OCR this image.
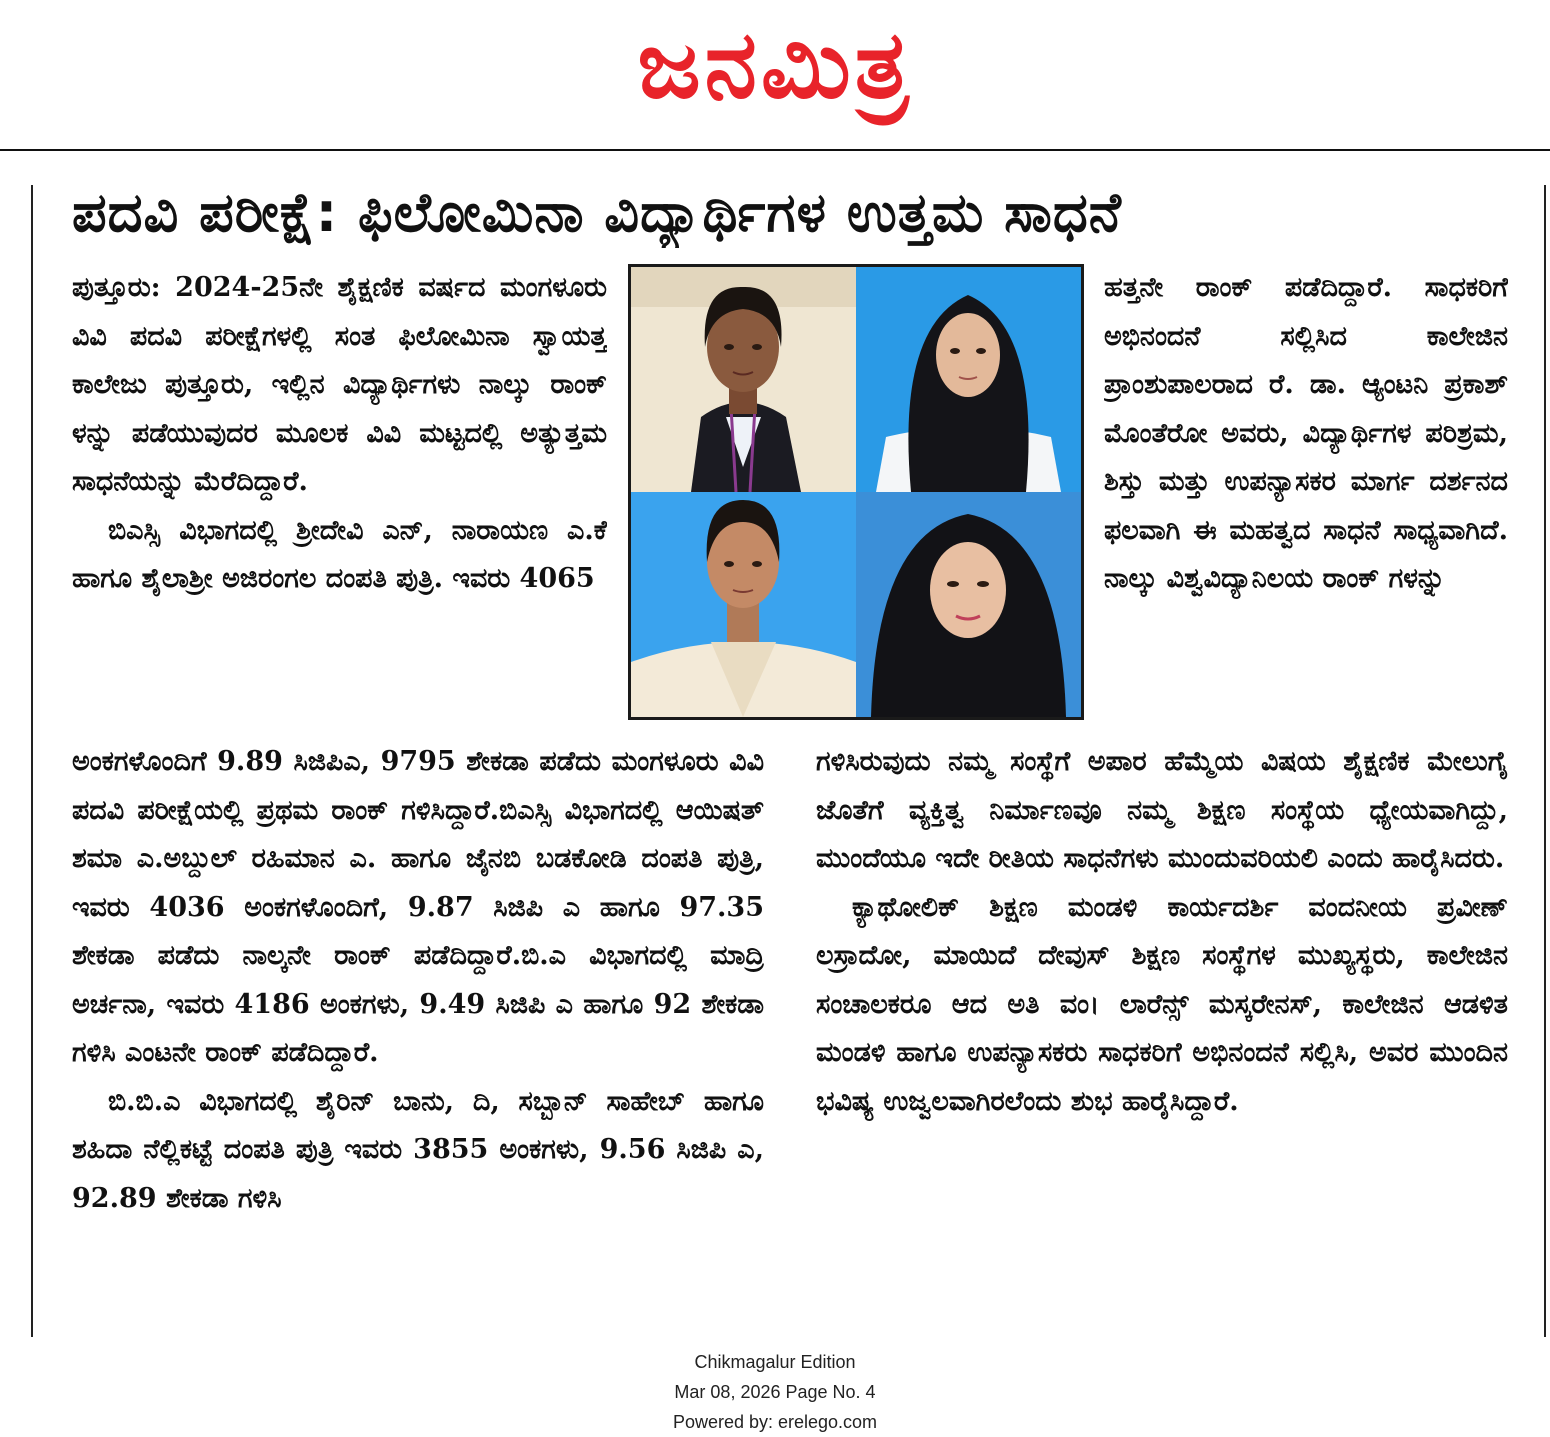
ಜನಮಿತ್ರ
ಪದವಿ ಪರೀಕ್ಷೆ: ಫಿಲೋಮಿನಾ ವಿದ್ಯಾರ್ಥಿಗಳ ಉತ್ತಮ ಸಾಧನೆ

ಪುತ್ತೂರು: 2024-25ನೇ ಶೈಕ್ಷಣಿಕ ವರ್ಷದ ಮಂಗಳೂರು ವಿವಿ ಪದವಿ ಪರೀಕ್ಷೆಗಳಲ್ಲಿ ಸಂತ ಫಿಲೋಮಿನಾ ಸ್ವಾಯತ್ತ ಕಾಲೇಜು ಪುತ್ತೂರು, ಇಲ್ಲಿನ ವಿದ್ಯಾರ್ಥಿಗಳು ನಾಲ್ಕು ರಾಂಕ್ ಳನ್ನು ಪಡೆಯುವುದರ ಮೂಲಕ ವಿವಿ ಮಟ್ಟದಲ್ಲಿ ಅತ್ಯುತ್ತಮ ಸಾಧನೆಯನ್ನು ಮೆರೆದಿದ್ದಾರೆ.

ಬಿಎಸ್ಸಿ ವಿಭಾಗದಲ್ಲಿ ಶ್ರೀದೇವಿ ಎನ್, ನಾರಾಯಣ ಎ.ಕೆ ಹಾಗೂ ಶೈಲಾಶ್ರೀ ಅಜಿರಂಗಲ ದಂಪತಿ ಪುತ್ರಿ. ಇವರು 4065

ಹತ್ತನೇ ರಾಂಕ್ ಪಡೆದಿದ್ದಾರೆ. ಸಾಧಕರಿಗೆ ಅಭಿನಂದನೆ ಸಲ್ಲಿಸಿದ ಕಾಲೇಜಿನ ಪ್ರಾಂಶುಪಾಲರಾದ ರೆ. ಡಾ. ಆ್ಯಂಟನಿ ಪ್ರಕಾಶ್ ಮೊಂತೆರೋ ಅವರು, ವಿದ್ಯಾರ್ಥಿಗಳ ಪರಿಶ್ರಮ, ಶಿಸ್ತು ಮತ್ತು ಉಪನ್ಯಾಸಕರ ಮಾರ್ಗ ದರ್ಶನದ ಫಲವಾಗಿ ಈ ಮಹತ್ವದ ಸಾಧನೆ ಸಾಧ್ಯವಾಗಿದೆ. ನಾಲ್ಕು ವಿಶ್ವವಿದ್ಯಾನಿಲಯ ರಾಂಕ್ ಗಳನ್ನು

ಅಂಕಗಳೊಂದಿಗೆ 9.89 ಸಿಜಿಪಿಎ, 9795 ಶೇಕಡಾ ಪಡೆದು ಮಂಗಳೂರು ವಿವಿ ಪದವಿ ಪರೀಕ್ಷೆಯಲ್ಲಿ ಪ್ರಥಮ ರಾಂಕ್ ಗಳಿಸಿದ್ದಾರೆ.ಬಿಎಸ್ಸಿ ವಿಭಾಗದಲ್ಲಿ ಆಯಿಷತ್ ಶಮಾ ಎ.ಅಬ್ದುಲ್ ರಹಿಮಾನ ಎ. ಹಾಗೂ ಜೈನಬಿ ಬಡಕೋಡಿ ದಂಪತಿ ಪುತ್ರಿ, ಇವರು 4036 ಅಂಕಗಳೊಂದಿಗೆ, 9.87 ಸಿಜಿಪಿ ಎ ಹಾಗೂ 97.35 ಶೇಕಡಾ ಪಡೆದು ನಾಲ್ಕನೇ ರಾಂಕ್ ಪಡೆದಿದ್ದಾರೆ.ಬಿ.ಎ ವಿಭಾಗದಲ್ಲಿ ಮಾದ್ರಿ ಅರ್ಚನಾ, ಇವರು 4186 ಅಂಕಗಳು, 9.49 ಸಿಜಿಪಿ ಎ ಹಾಗೂ 92 ಶೇಕಡಾ ಗಳಿಸಿ ಎಂಟನೇ ರಾಂಕ್ ಪಡೆದಿದ್ದಾರೆ.

ಬಿ.ಬಿ.ಎ ವಿಭಾಗದಲ್ಲಿ ಶೈರಿನ್ ಬಾನು, ದಿ, ಸಬ್ಬಾನ್ ಸಾಹೇಬ್ ಹಾಗೂ ಶಹಿದಾ ನೆಲ್ಲಿಕಟ್ಟೆ ದಂಪತಿ ಪುತ್ರಿ ಇವರು 3855 ಅಂಕಗಳು, 9.56 ಸಿಜಿಪಿ ಎ, 92.89 ಶೇಕಡಾ ಗಳಿಸಿ

ಗಳಿಸಿರುವುದು ನಮ್ಮ ಸಂಸ್ಥೆಗೆ ಅಪಾರ ಹೆಮ್ಮೆಯ ವಿಷಯ ಶೈಕ್ಷಣಿಕ ಮೇಲುಗೈ ಜೊತೆಗೆ ವ್ಯಕ್ತಿತ್ವ ನಿರ್ಮಾಣವೂ ನಮ್ಮ ಶಿಕ್ಷಣ ಸಂಸ್ಥೆಯ ಧ್ಯೇಯವಾಗಿದ್ದು, ಮುಂದೆಯೂ ಇದೇ ರೀತಿಯ ಸಾಧನೆಗಳು ಮುಂದುವರಿಯಲಿ ಎಂದು ಹಾರೈಸಿದರು.

ಕ್ಯಾಥೋಲಿಕ್ ಶಿಕ್ಷಣ ಮಂಡಳಿ ಕಾರ್ಯದರ್ಶಿ ವಂದನೀಯ ಪ್ರವೀಣ್ ಲಸ್ರಾದೋ, ಮಾಯಿದೆ ದೇವುಸ್ ಶಿಕ್ಷಣ ಸಂಸ್ಥೆಗಳ ಮುಖ್ಯಸ್ಥರು, ಕಾಲೇಜಿನ ಸಂಚಾಲಕರೂ ಆದ ಅತಿ ವಂ। ಲಾರೆನ್ಸ್ ಮಸ್ಕರೇನಸ್, ಕಾಲೇಜಿನ ಆಡಳಿತ ಮಂಡಳಿ ಹಾಗೂ ಉಪನ್ಯಾಸಕರು ಸಾಧಕರಿಗೆ ಅಭಿನಂದನೆ ಸಲ್ಲಿಸಿ, ಅವರ ಮುಂದಿನ ಭವಿಷ್ಯ ಉಜ್ವಲವಾಗಿರಲೆಂದು ಶುಭ ಹಾರೈಸಿದ್ದಾರೆ.

Chikmagalur Edition
Mar 08, 2026 Page No. 4
Powered by: erelego.com
